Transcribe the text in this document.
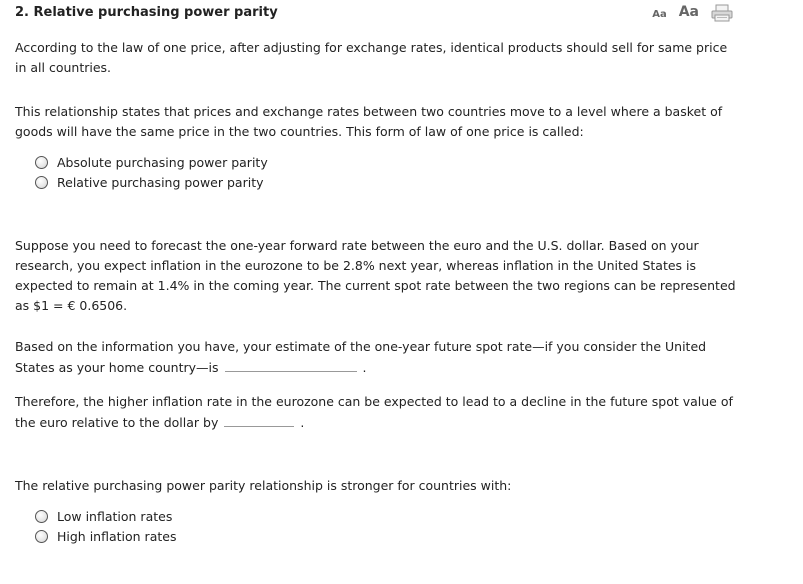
2. Relative purchasing power parity	Aa Aa
According to the law of one price, after adjusting for exchange rates, identical products should sell for same price in all countries.
This relationship states that prices and exchange rates between two countries move to a level where a basket of goods will have the same price in the two countries. This form of law of one price is called:
Absolute purchasing power parity
Relative purchasing power parity
Suppose you need to forecast the one-year forward rate between the euro and the U.S. dollar. Based on your research, you expect inflation in the eurozone to be 2.8% next year, whereas inflation in the United States is expected to remain at 1.4% in the coming year. The current spot rate between the two regions can be represented as $1 = € 0.6506.
Based on the information you have, your estimate of the one-year future spot rate—if you consider the United States as your home country—is	.
Therefore, the higher inflation rate in the eurozone can be expected to lead to a decline in the future spot value of the euro relative to the dollar by	.
The relative purchasing power parity relationship is stronger for countries with:
Low inflation rates
High inflation rates
